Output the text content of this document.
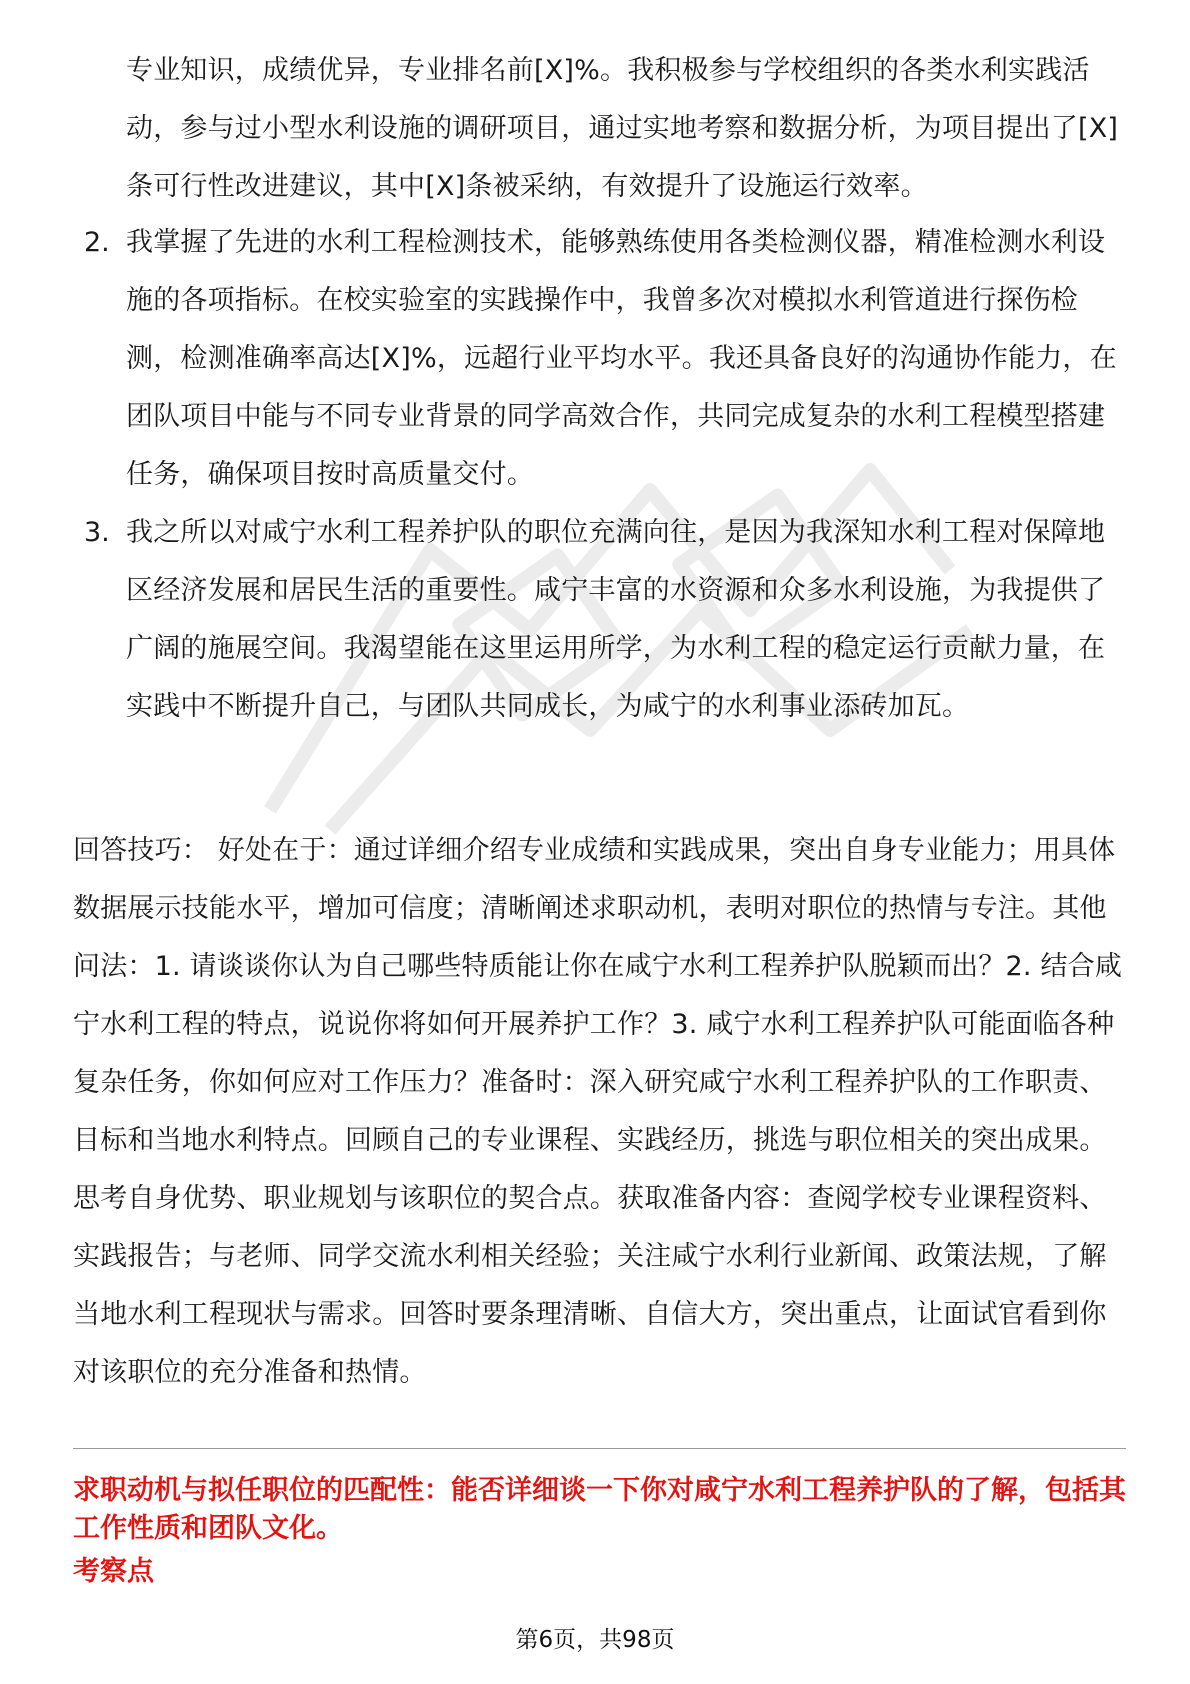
专业知识，成绩优异，专业排名前[X]%。我积极参与学校组织的各类水利实践活动，参与过小型水利设施的调研项目，通过实地考察和数据分析，为项目提出了[X]条可行性改进建议，其中[X]条被采纳，有效提升了设施运行效率。

2. 我掌握了先进的水利工程检测技术，能够熟练使用各类检测仪器，精准检测水利设施的各项指标。在校实验室的实践操作中，我曾多次对模拟水利管道进行探伤检测，检测准确率高达[X]%，远超行业平均水平。我还具备良好的沟通协作能力，在团队项目中能与不同专业背景的同学高效合作，共同完成复杂的水利工程模型搭建任务，确保项目按时高质量交付。

3. 我之所以对咸宁水利工程养护队的职位充满向往，是因为我深知水利工程对保障地区经济发展和居民生活的重要性。咸宁丰富的水资源和众多水利设施，为我提供了广阔的施展空间。我渴望能在这里运用所学，为水利工程的稳定运行贡献力量，在实践中不断提升自己，与团队共同成长，为咸宁的水利事业添砖加瓦。

回答技巧： 好处在于：通过详细介绍专业成绩和实践成果，突出自身专业能力；用具体数据展示技能水平，增加可信度；清晰阐述求职动机，表明对职位的热情与专注。其他问法：1. 请谈谈你认为自己哪些特质能让你在咸宁水利工程养护队脱颖而出？2. 结合咸宁水利工程的特点，说说你将如何开展养护工作？3. 咸宁水利工程养护队可能面临各种复杂任务，你如何应对工作压力？准备时：深入研究咸宁水利工程养护队的工作职责、目标和当地水利特点。回顾自己的专业课程、实践经历，挑选与职位相关的突出成果。思考自身优势、职业规划与该职位的契合点。获取准备内容：查阅学校专业课程资料、实践报告；与老师、同学交流水利相关经验；关注咸宁水利行业新闻、政策法规，了解当地水利工程现状与需求。回答时要条理清晰、自信大方，突出重点，让面试官看到你对该职位的充分准备和热情。

求职动机与拟任职位的匹配性：能否详细谈一下你对咸宁水利工程养护队的了解，包括其工作性质和团队文化。

考察点

第6页，共98页
